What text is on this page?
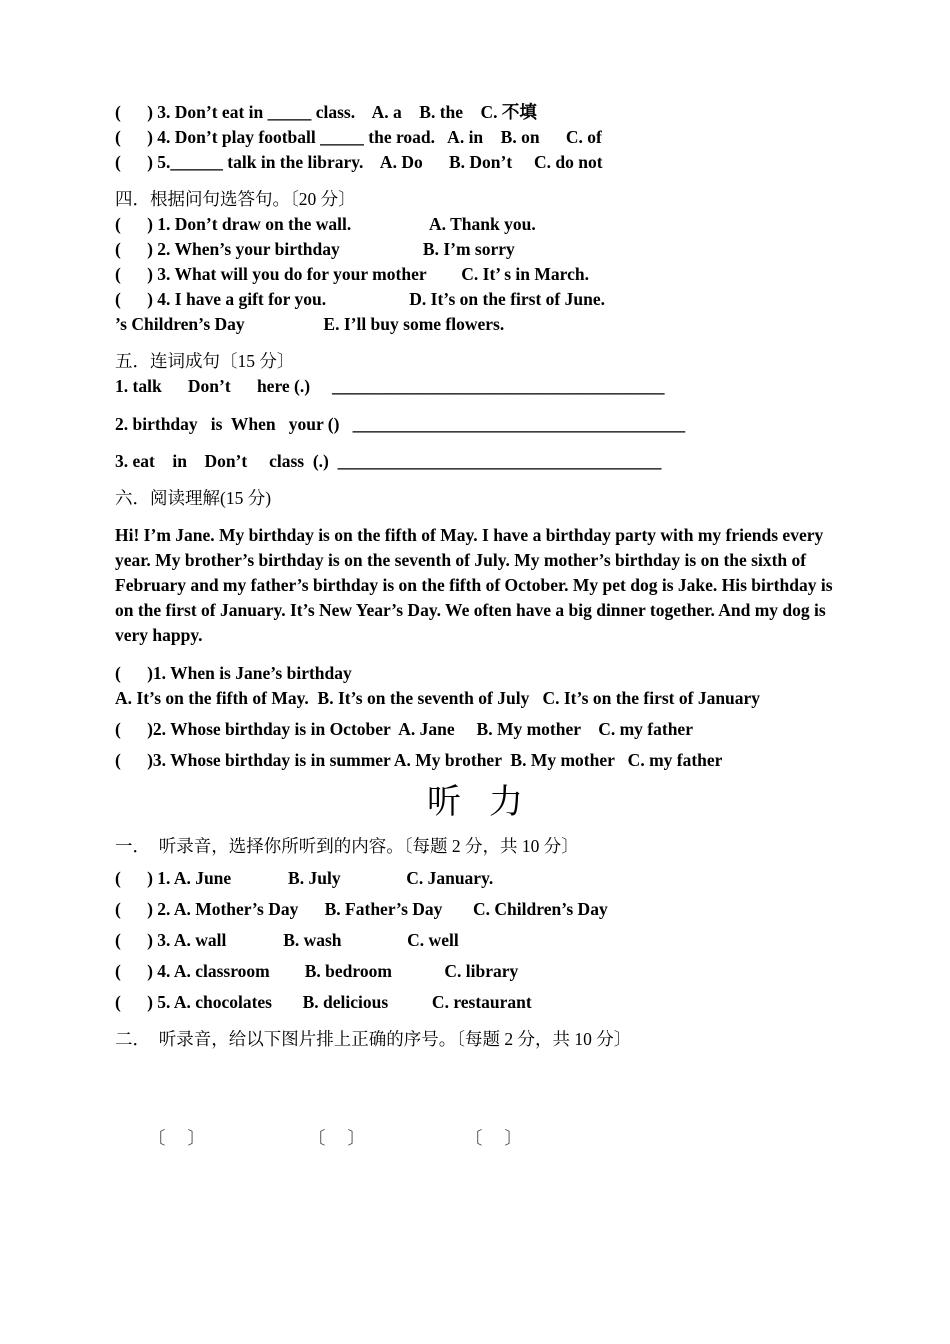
(      ) 3. Don’t eat in _____ class.    A. a    B. the    C. 不填
(      ) 4. Don’t play football _____ the road.   A. in    B. on      C. of
(      ) 5.______ talk in the library.    A. Do      B. Don’t     C. do not
四．根据问句选答句。〔20 分〕
(      ) 1. Don’t draw on the wall.                  A. Thank you.
(      ) 2. When’s your birthday                   B. I’m sorry
(      ) 3. What will you do for your mother        C. It’ s in March.
(      ) 4. I have a gift for you.                   D. It’s on the first of June.
’s Children’s Day                  E. I’ll buy some flowers.
五．连词成句〔15 分〕
1. talk      Don’t      here (.)     ______________________________________
2. birthday   is  When   your ()   ______________________________________
3. eat    in    Don’t     class  (.)  _____________________________________
六．阅读理解(15 分)
Hi! I’m Jane. My birthday is on the fifth of May. I have a birthday party with my friends every year. My brother’s birthday is on the seventh of July. My mother’s birthday is on the sixth of February and my father’s birthday is on the fifth of October. My pet dog is Jake. His birthday is on the first of January. It’s New Year’s Day. We often have a big dinner together. And my dog is very happy.
(      )1. When is Jane’s birthday
A. It’s on the fifth of May.  B. It’s on the seventh of July   C. It’s on the first of January
(      )2. Whose birthday is in October  A. Jane     B. My mother    C. my father
(      )3. Whose birthday is in summer A. My brother  B. My mother   C. my father
听力
一．  听录音，选择你所听到的内容。〔每题 2 分，共 10 分〕
(      ) 1. A. June             B. July               C. January.
(      ) 2. A. Mother’s Day      B. Father’s Day       C. Children’s Day
(      ) 3. A. wall             B. wash               C. well
(      ) 4. A. classroom        B. bedroom            C. library
(      ) 5. A. chocolates       B. delicious          C. restaurant
二．  听录音，给以下图片排上正确的序号。〔每题 2 分，共 10 分〕
〔     〕	〔     〕	〔     〕
